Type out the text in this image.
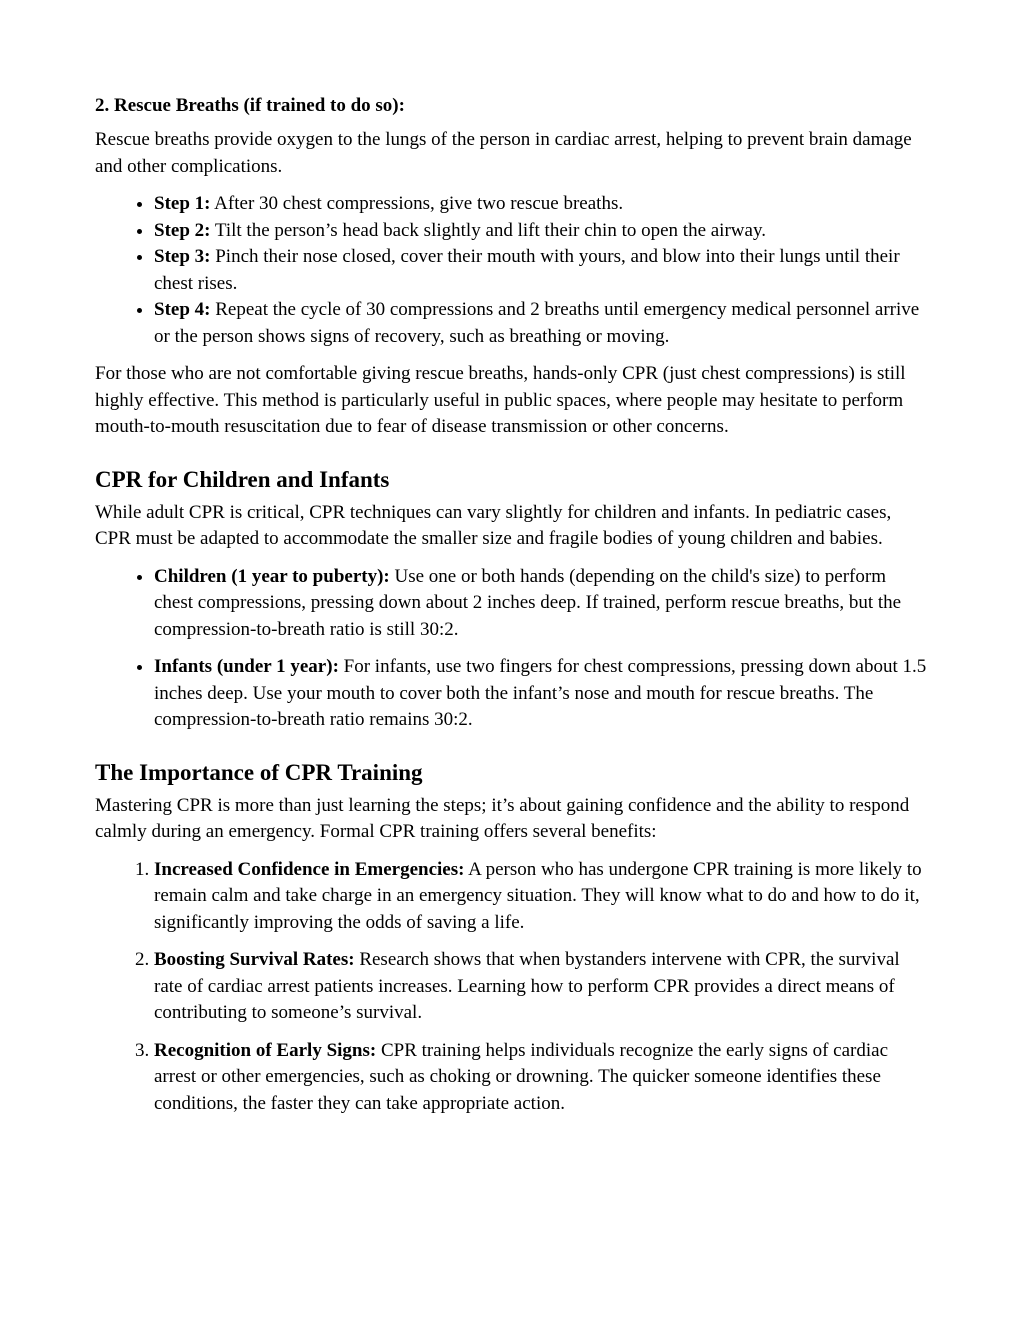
2. Rescue Breaths (if trained to do so):

Rescue breaths provide oxygen to the lungs of the person in cardiac arrest, helping to prevent brain damage and other complications.

• Step 1: After 30 chest compressions, give two rescue breaths.
• Step 2: Tilt the person’s head back slightly and lift their chin to open the airway.
• Step 3: Pinch their nose closed, cover their mouth with yours, and blow into their lungs until their chest rises.
• Step 4: Repeat the cycle of 30 compressions and 2 breaths until emergency medical personnel arrive or the person shows signs of recovery, such as breathing or moving.

For those who are not comfortable giving rescue breaths, hands-only CPR (just chest compressions) is still highly effective. This method is particularly useful in public spaces, where people may hesitate to perform mouth-to-mouth resuscitation due to fear of disease transmission or other concerns.

CPR for Children and Infants

While adult CPR is critical, CPR techniques can vary slightly for children and infants. In pediatric cases, CPR must be adapted to accommodate the smaller size and fragile bodies of young children and babies.

• Children (1 year to puberty): Use one or both hands (depending on the child's size) to perform chest compressions, pressing down about 2 inches deep. If trained, perform rescue breaths, but the compression-to-breath ratio is still 30:2.
• Infants (under 1 year): For infants, use two fingers for chest compressions, pressing down about 1.5 inches deep. Use your mouth to cover both the infant’s nose and mouth for rescue breaths. The compression-to-breath ratio remains 30:2.
The Importance of CPR Training

Mastering CPR is more than just learning the steps; it’s about gaining confidence and the ability to respond calmly during an emergency. Formal CPR training offers several benefits:

1. Increased Confidence in Emergencies: A person who has undergone CPR training is more likely to remain calm and take charge in an emergency situation. They will know what to do and how to do it, significantly improving the odds of saving a life.
2. Boosting Survival Rates: Research shows that when bystanders intervene with CPR, the survival rate of cardiac arrest patients increases. Learning how to perform CPR provides a direct means of contributing to someone’s survival.
3. Recognition of Early Signs: CPR training helps individuals recognize the early signs of cardiac arrest or other emergencies, such as choking or drowning. The quicker someone identifies these conditions, the faster they can take appropriate action.
